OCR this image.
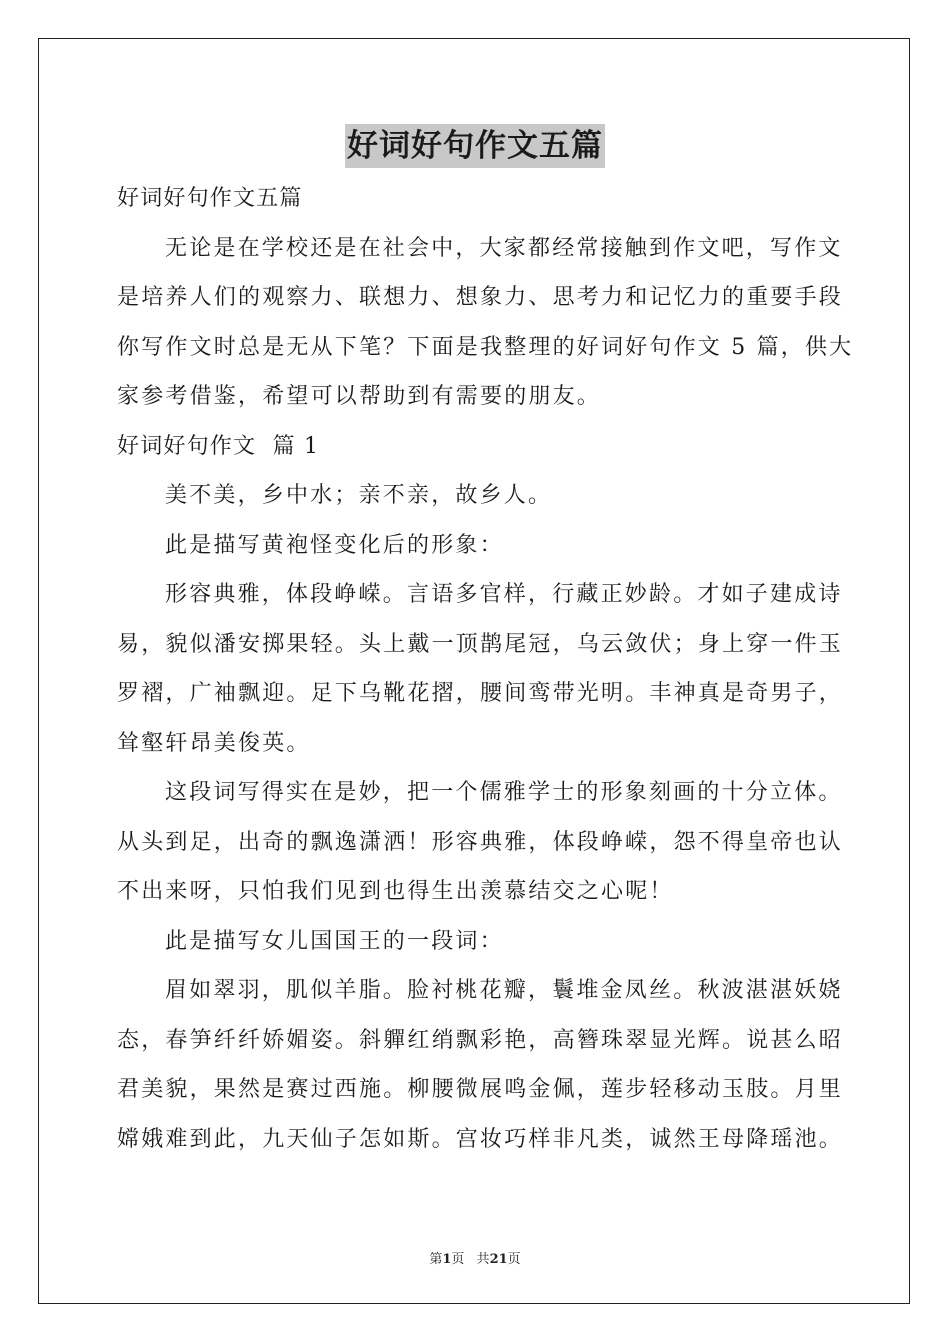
好词好句作文五篇
好词好句作文五篇
无论是在学校还是在社会中，大家都经常接触到作文吧，写作文
是培养人们的观察力、联想力、想象力、思考力和记忆力的重要手段
你写作文时总是无从下笔？下面是我整理的好词好句作文 5 篇，供大
家参考借鉴，希望可以帮助到有需要的朋友。
好词好句作文  篇 1
美不美，乡中水；亲不亲，故乡人。
此是描写黄袍怪变化后的形象：
形容典雅，体段峥嵘。言语多官样，行藏正妙龄。才如子建成诗
易，貌似潘安掷果轻。头上戴一顶鹊尾冠，乌云敛伏；身上穿一件玉
罗褶，广袖飘迎。足下乌靴花摺，腰间鸾带光明。丰神真是奇男子，
耸壑轩昂美俊英。
这段词写得实在是妙，把一个儒雅学士的形象刻画的十分立体。
从头到足，出奇的飘逸潇洒！形容典雅，体段峥嵘，怨不得皇帝也认
不出来呀，只怕我们见到也得生出羡慕结交之心呢！
此是描写女儿国国王的一段词：
眉如翠羽，肌似羊脂。脸衬桃花瓣，鬟堆金凤丝。秋波湛湛妖娆
态，春笋纤纤娇媚姿。斜軃红绡飘彩艳，高簪珠翠显光辉。说甚么昭
君美貌，果然是赛过西施。柳腰微展鸣金佩，莲步轻移动玉肢。月里
嫦娥难到此，九天仙子怎如斯。宫妆巧样非凡类，诚然王母降瑶池。
第1页 共21页
